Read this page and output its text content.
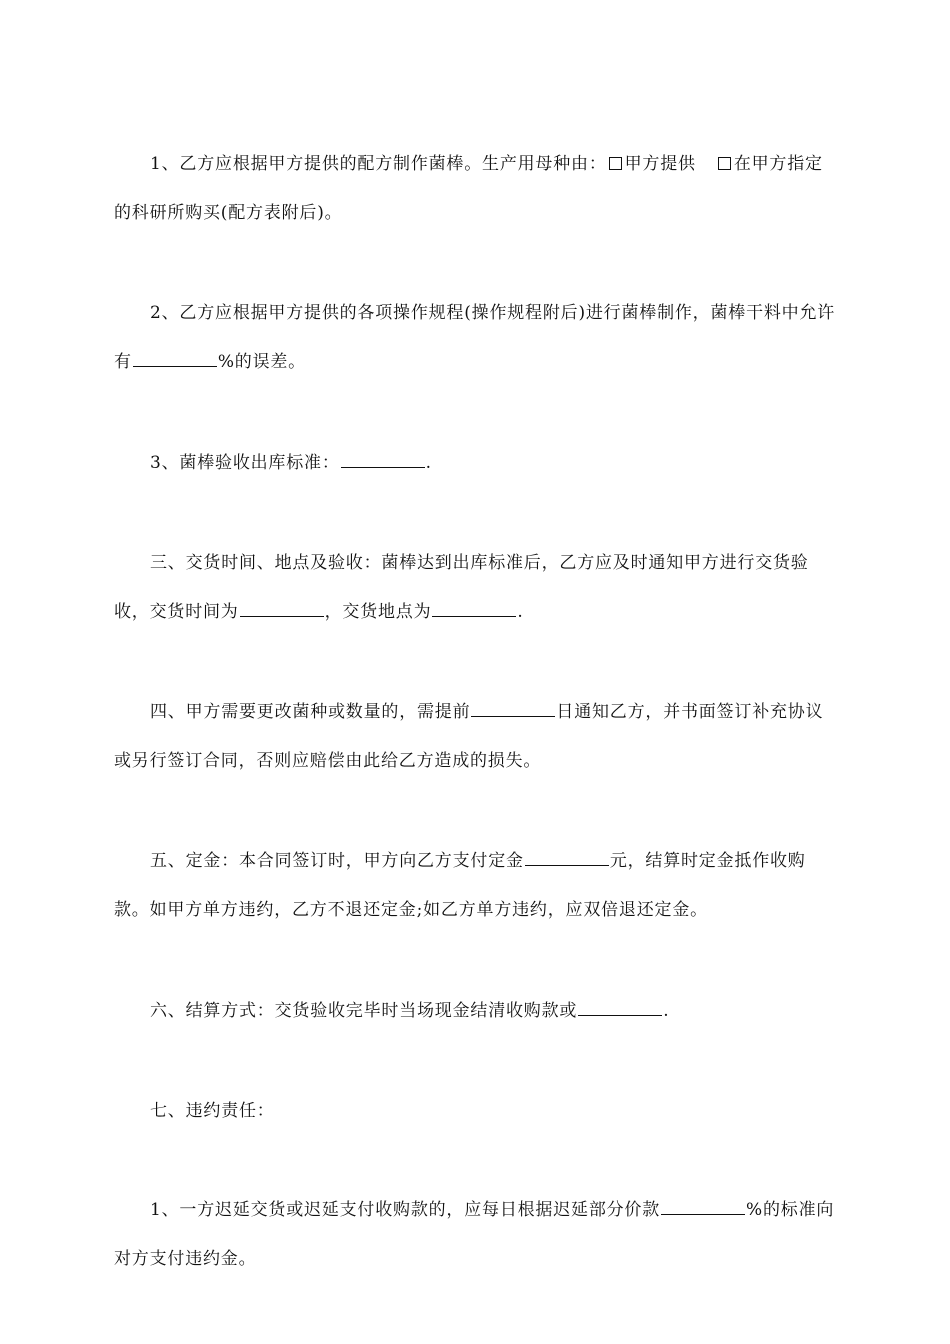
1、乙方应根据甲方提供的配方制作菌棒。生产用母种由： 甲方提供 在甲方指定的科研所购买(配方表附后)。

2、乙方应根据甲方提供的各项操作规程(操作规程附后)进行菌棒制作，菌棒干料中允许有	%的误差。

3、菌棒验收出库标准：	.

三、交货时间、地点及验收：菌棒达到出库标准后，乙方应及时通知甲方进行交货验收，交货时间为	，交货地点为	.

四、甲方需要更改菌种或数量的，需提前	日通知乙方，并书面签订补充协议或另行签订合同，否则应赔偿由此给乙方造成的损失。

五、定金：本合同签订时，甲方向乙方支付定金	元，结算时定金抵作收购款。如甲方单方违约，乙方不退还定金;如乙方单方违约，应双倍退还定金。

六、结算方式：交货验收完毕时当场现金结清收购款或	.

七、违约责任：

1、一方迟延交货或迟延支付收购款的，应每日根据迟延部分价款	%的标准向对方支付违约金。
